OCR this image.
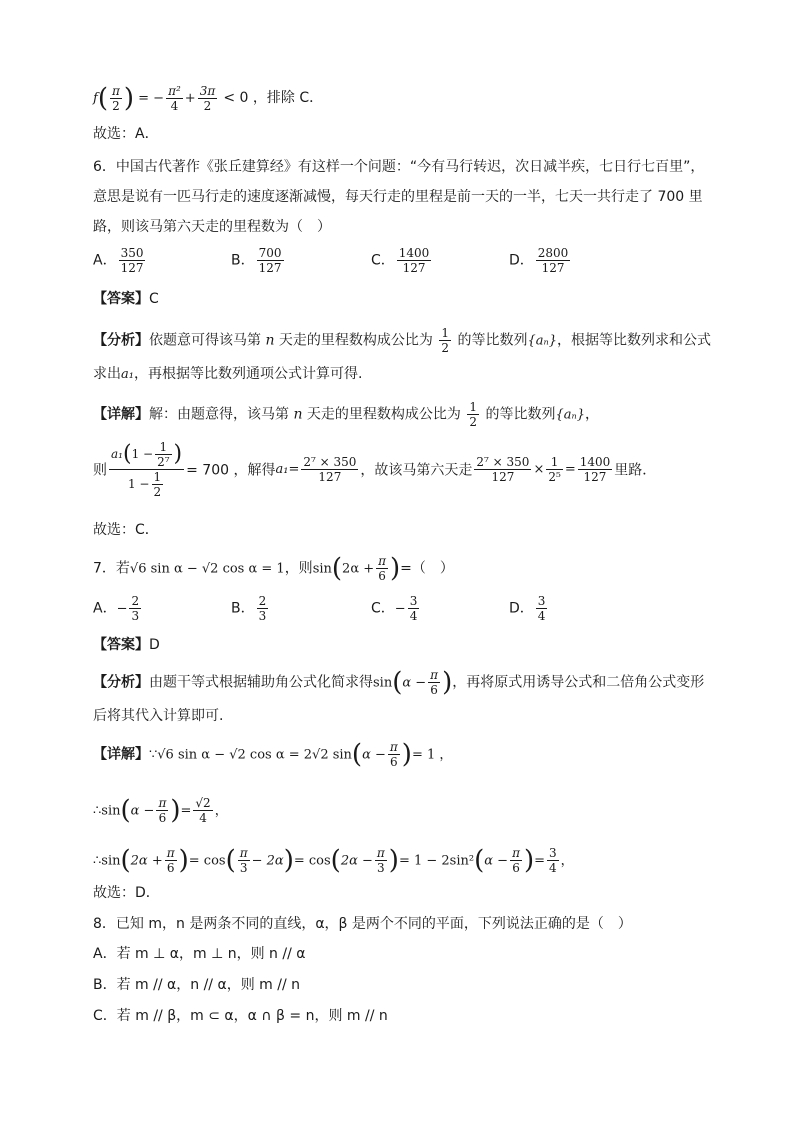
$f( \frac{\pi}{2}$ ) = − $\frac{\text{π²}}{4} + \frac{3\pi}{2} < 0$ ，排除 C．
故选：A．
6．中国古代著作《张丘建算经》有这样一个问题：“今有马行转迟，次日减半疾，七日行七百里”，
意思是说有一匹马行走的速度逐渐减慢，每天行走的里程是前一天的一半，七天一共行走了 700 里
路，则该马第六天走的里程数为（　）
A． $\frac{350}{127}$	B． $\frac{700}{127}$	C． $\frac{1400}{127}$	D． $\frac{2800}{127}$
【答案】C
【分析】依题意可得该马第 n 天走的里程数构成公比为 $\frac{1}{2}$ 的等比数列{aₙ}，根据等比数列求和公式
求出a₁，再根据等比数列通项公式计算可得.
【详解】解：由题意得，该马第 n 天走的里程数构成公比为 $\frac{1}{2}$ 的等比数列{aₙ}，
则 $\frac{a_1(1 - \frac{1}{\text{2⁷}} )}{1 - \frac{1}{2}} = 700$ ，解得$a_1= \frac{\text{2⁷ × 350}}{127}$ ，故该马第六天走 $\frac{\text{2⁷ × 350}}{127} \times \frac{1}{\text{2⁵}} = \frac{1400}{127}$ 里路．
故选：C．
7．若√6 sin α − √2 cos α = 1，则$\sin(2\alpha + \frac{\pi}{6}$ )=（　）
A．− $\frac{2}{3}$	B． $\frac{2}{3}$	C．− $\frac{3}{4}$	D． $\frac{3}{4}$
【答案】D
【分析】由题干等式根据辅助角公式化简求得$\sin(\alpha - \frac{\pi}{6}$ )，再将原式用诱导公式和二倍角公式变形
后将其代入计算即可.
【详解】∵√6 sin α − √2 cos α = 2√2 $\sin(\alpha - \frac{\pi}{6}$ )= 1 ，
∴sin(α − $\frac{\pi}{6}$ )= $\frac{√2}{4}$ ，
∴sin(2α + $\frac{\pi}{6}$ )= $\cos( \frac{\pi}{3} - 2\alpha)= \cos(2\alpha - \frac{\pi}{3}$ )= $1 - 2\sin^2(\alpha - \frac{\pi}{6}$ )= $\frac{3}{4}$ ，
故选：D．
8．已知 m，n 是两条不同的直线，α，β 是两个不同的平面，下列说法正确的是（　）
A．若 m ⊥ α，m ⊥ n，则 n // α
B．若 m // α，n // α，则 m // n
C．若 m // β，m ⊂ α，α ∩ β = n，则 m // n
